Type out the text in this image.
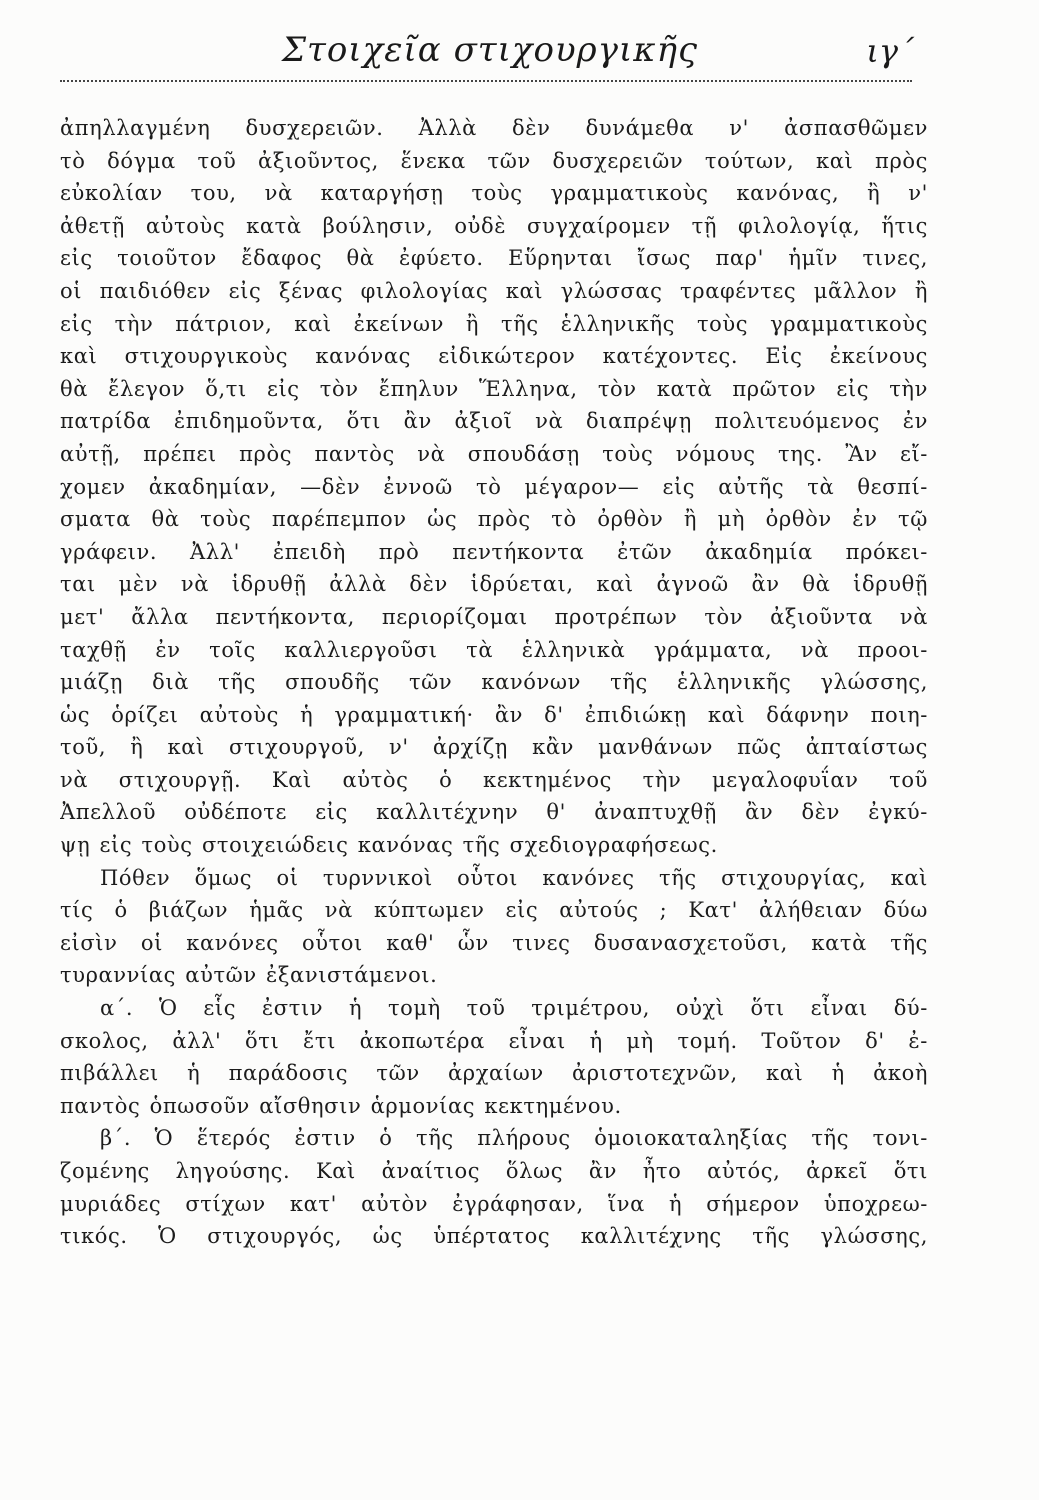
Στοιχεῖα στιχουργικῆς	ιγ΄
ἀπηλλαγμένη δυσχερειῶν. Ἀλλὰ δὲν δυνάμεθα ν' ἀσπασθῶμεν
τὸ δόγμα τοῦ ἀξιοῦντος, ἕνεκα τῶν δυσχερειῶν τούτων, καὶ πρὸς
εὐκολίαν του, νὰ καταργήσῃ τοὺς γραμματικοὺς κανόνας, ἢ ν'
ἀθετῇ αὐτοὺς κατὰ βούλησιν, οὐδὲ συγχαίρομεν τῇ φιλολογίᾳ, ἥτις
εἰς τοιοῦτον ἔδαφος θὰ ἐφύετο. Εὕρηνται ἴσως παρ' ἡμῖν τινες,
οἱ παιδιόθεν εἰς ξένας φιλολογίας καὶ γλώσσας τραφέντες μᾶλλον ἢ
εἰς τὴν πάτριον, καὶ ἐκείνων ἢ τῆς ἑλληνικῆς τοὺς γραμματικοὺς
καὶ στιχουργικοὺς κανόνας εἰδικώτερον κατέχοντες. Εἰς ἐκείνους
θὰ ἔλεγον ὅ,τι εἰς τὸν ἔπηλυν Ἕλληνα, τὸν κατὰ πρῶτον εἰς τὴν
πατρίδα ἐπιδημοῦντα, ὅτι ἂν ἀξιοῖ νὰ διαπρέψῃ πολιτευόμενος ἐν
αὐτῇ, πρέπει πρὸς παντὸς νὰ σπουδάσῃ τοὺς νόμους της. Ἂν εἴ-
χομεν ἀκαδημίαν, —δὲν ἐννοῶ τὸ μέγαρον— εἰς αὐτῆς τὰ θεσπί-
σματα θὰ τοὺς παρέπεμπον ὡς πρὸς τὸ ὀρθὸν ἢ μὴ ὀρθὸν ἐν τῷ
γράφειν. Ἀλλ' ἐπειδὴ πρὸ πεντήκοντα ἐτῶν ἀκαδημία πρόκει-
ται μὲν νὰ ἱδρυθῇ ἀλλὰ δὲν ἱδρύεται, καὶ ἀγνοῶ ἂν θὰ ἱδρυθῇ
μετ' ἄλλα πεντήκοντα, περιορίζομαι προτρέπων τὸν ἀξιοῦντα νὰ
ταχθῇ ἐν τοῖς καλλιεργοῦσι τὰ ἑλληνικὰ γράμματα, νὰ προοι-
μιάζῃ διὰ τῆς σπουδῆς τῶν κανόνων τῆς ἑλληνικῆς γλώσσης,
ὡς ὁρίζει αὐτοὺς ἡ γραμματική· ἂν δ' ἐπιδιώκῃ καὶ δάφνην ποιη-
τοῦ, ἢ καὶ στιχουργοῦ, ν' ἀρχίζῃ κἂν μανθάνων πῶς ἀπταίστως
νὰ στιχουργῇ. Καὶ αὐτὸς ὁ κεκτημένος τὴν μεγαλοφυΐαν τοῦ
Ἀπελλοῦ οὐδέποτε εἰς καλλιτέχνην θ' ἀναπτυχθῇ ἂν δὲν ἐγκύ-
ψῃ εἰς τοὺς στοιχειώδεις κανόνας τῆς σχεδιογραφήσεως.
Πόθεν ὅμως οἱ τυρννικοὶ οὗτοι κανόνες τῆς στιχουργίας, καὶ
τίς ὁ βιάζων ἡμᾶς νὰ κύπτωμεν εἰς αὐτούς ; Κατ' ἀλήθειαν δύω
εἰσὶν οἱ κανόνες οὗτοι καθ' ὧν τινες δυσανασχετοῦσι, κατὰ τῆς
τυραννίας αὐτῶν ἐξανιστάμενοι.
α΄. Ὁ εἷς ἐστιν ἡ τομὴ τοῦ τριμέτρου, οὐχὶ ὅτι εἶναι δύ-
σκολος, ἀλλ' ὅτι ἔτι ἀκοπωτέρα εἶναι ἡ μὴ τομή. Τοῦτον δ' ἐ-
πιβάλλει ἡ παράδοσις τῶν ἀρχαίων ἀριστοτεχνῶν, καὶ ἡ ἀκοὴ
παντὸς ὁπωσοῦν αἴσθησιν ἁρμονίας κεκτημένου.
β΄. Ὁ ἕτερός ἐστιν ὁ τῆς πλήρους ὁμοιοκαταληξίας τῆς τονι-
ζομένης ληγούσης. Καὶ ἀναίτιος ὅλως ἂν ἦτο αὐτός, ἀρκεῖ ὅτι
μυριάδες στίχων κατ' αὐτὸν ἐγράφησαν, ἵνα ἡ σήμερον ὑποχρεω-
τικός. Ὁ στιχουργός, ὡς ὑπέρτατος καλλιτέχνης τῆς γλώσσης,
